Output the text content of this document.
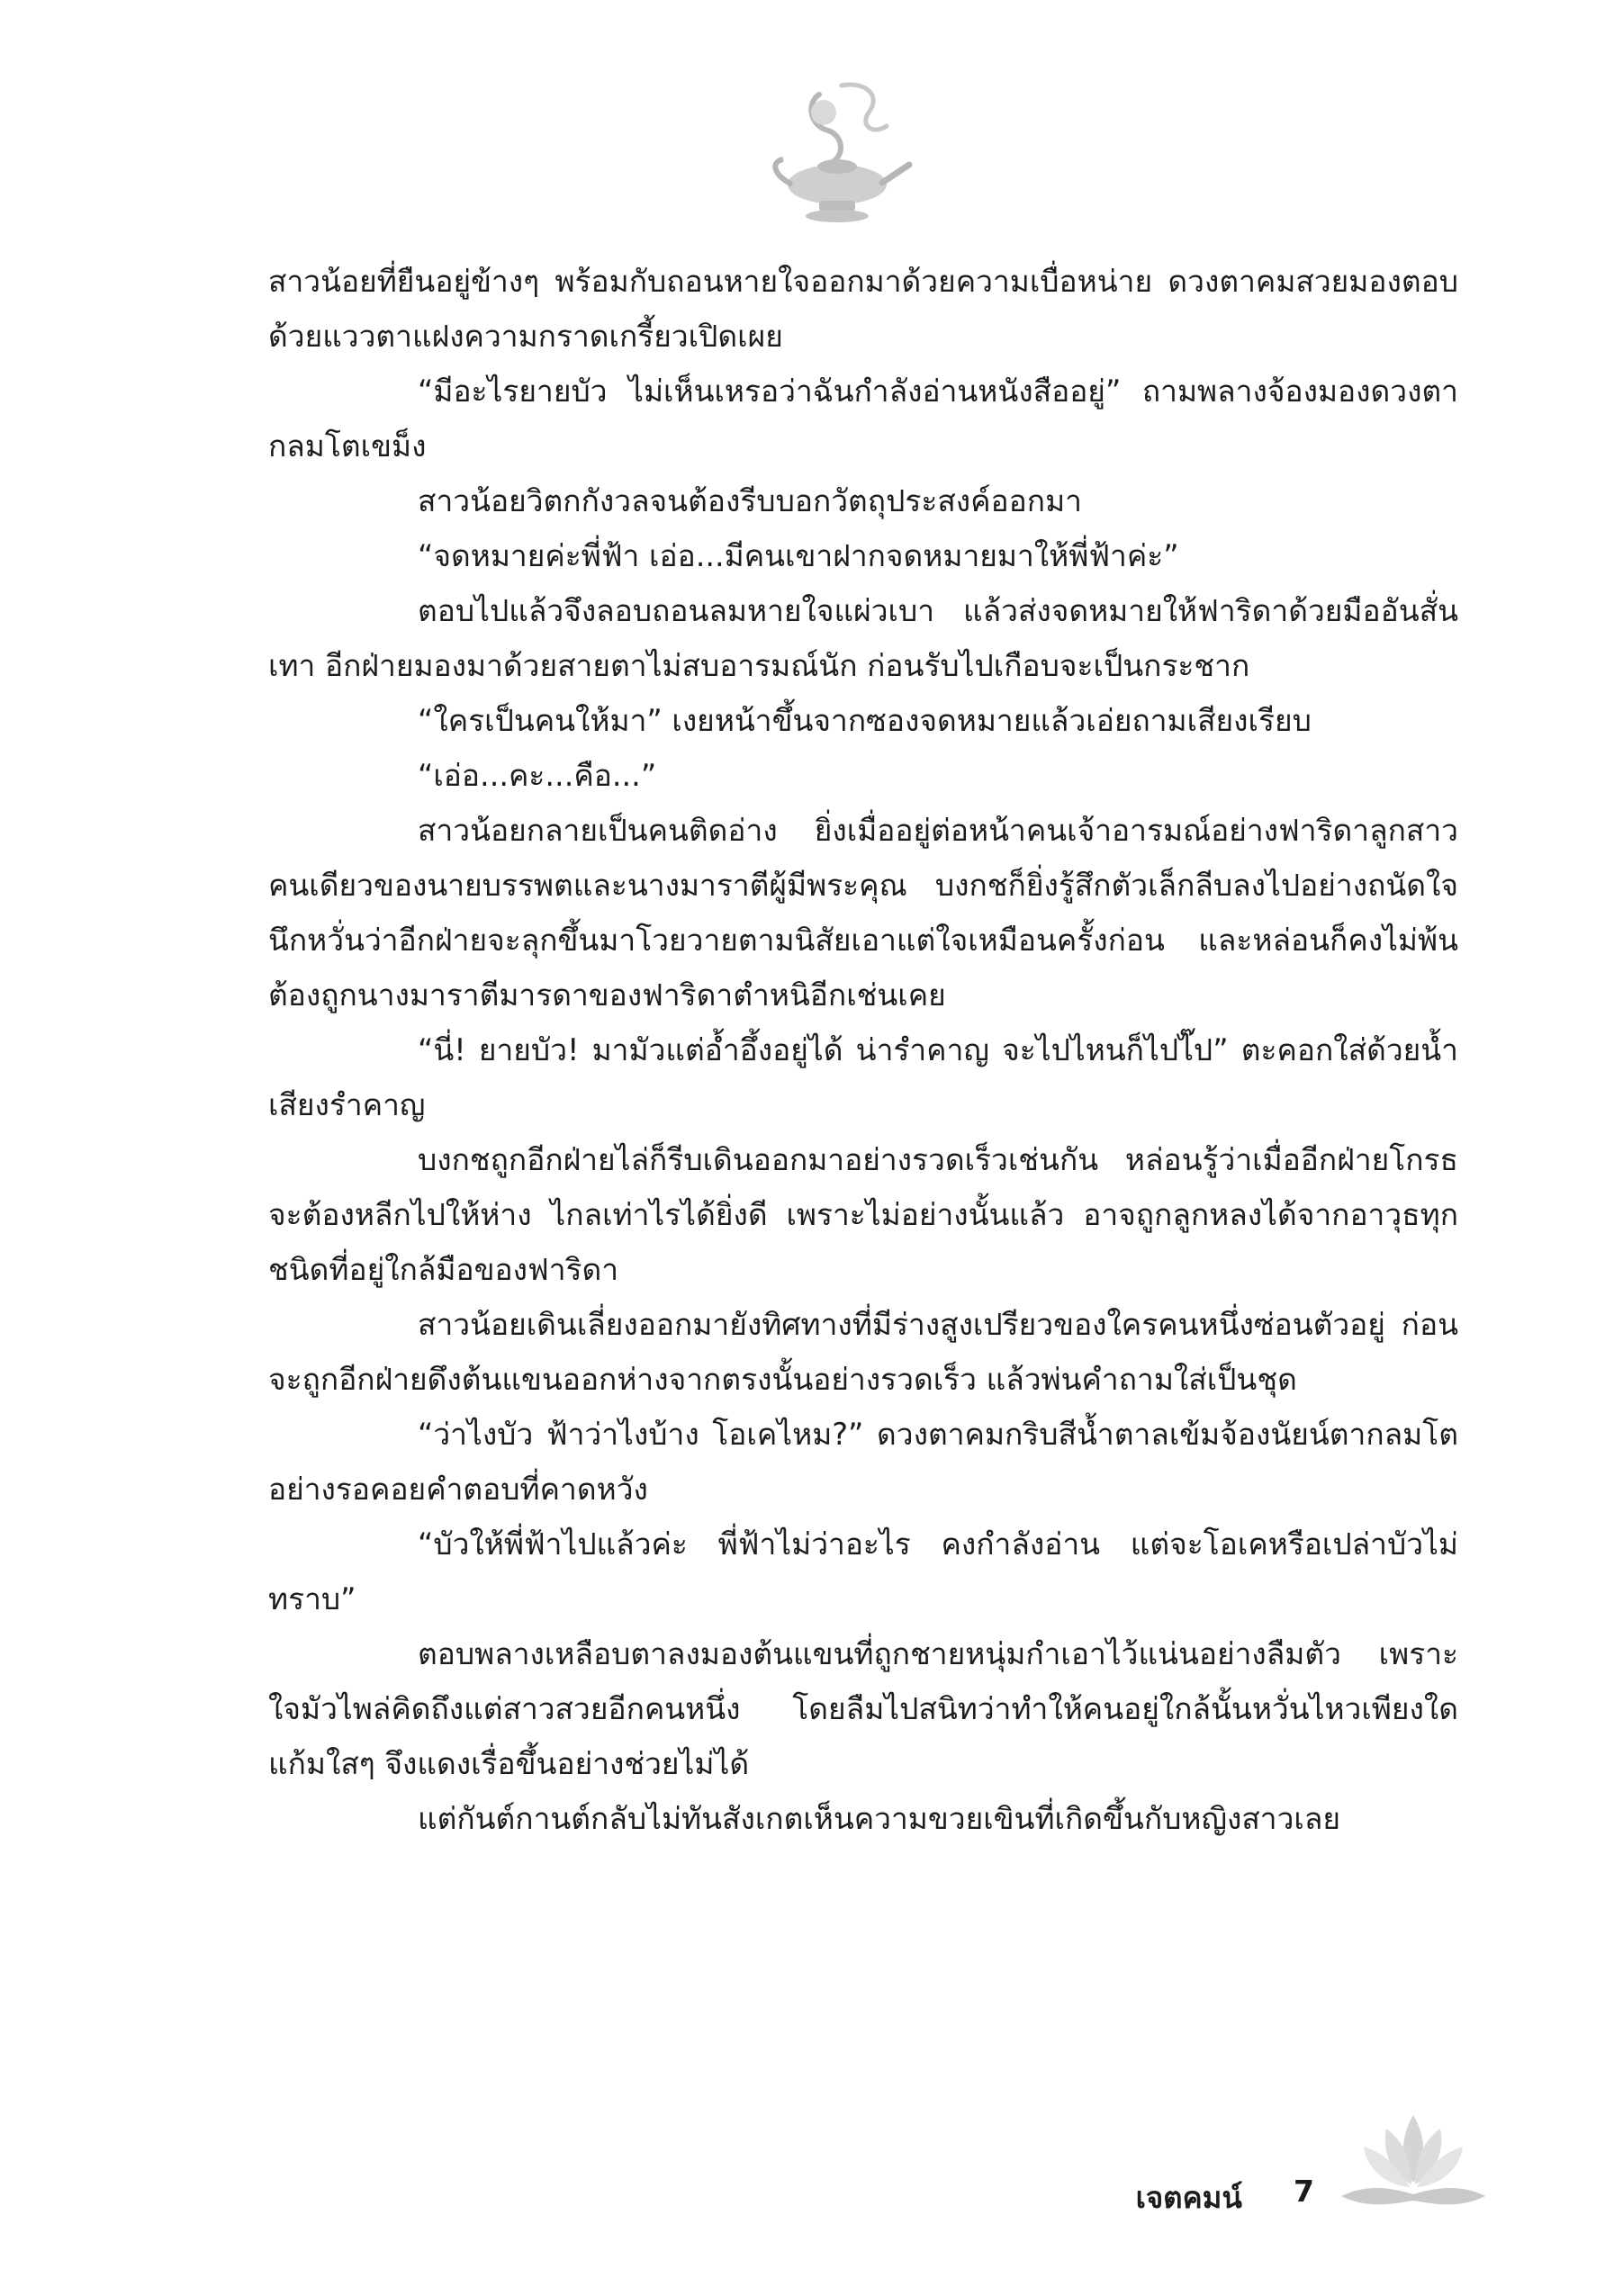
สาวน้อยที่ยืนอยู่ข้างๆ พร้อมกับถอนหายใจออกมาด้วยความเบื่อหน่าย ดวงตาคมสวยมองตอบด้วยแววตาแฝงความกราดเกรี้ยวเปิดเผย

“มีอะไรยายบัว ไม่เห็นเหรอว่าฉันกำลังอ่านหนังสืออยู่” ถามพลางจ้องมองดวงตากลมโตเขม็ง

สาวน้อยวิตกกังวลจนต้องรีบบอกวัตถุประสงค์ออกมา

“จดหมายค่ะพี่ฟ้า เอ่อ...มีคนเขาฝากจดหมายมาให้พี่ฟ้าค่ะ”

ตอบไปแล้วจึงลอบถอนลมหายใจแผ่วเบา แล้วส่งจดหมายให้ฟาริดาด้วยมืออันสั่นเทา อีกฝ่ายมองมาด้วยสายตาไม่สบอารมณ์นัก ก่อนรับไปเกือบจะเป็นกระชาก

“ใครเป็นคนให้มา” เงยหน้าขึ้นจากซองจดหมายแล้วเอ่ยถามเสียงเรียบ

“เอ่อ...คะ...คือ...”

สาวน้อยกลายเป็นคนติดอ่าง ยิ่งเมื่ออยู่ต่อหน้าคนเจ้าอารมณ์อย่างฟาริดาลูกสาวคนเดียวของนายบรรพตและนางมาราตีผู้มีพระคุณ บงกชก็ยิ่งรู้สึกตัวเล็กลีบลงไปอย่างถนัดใจ นึกหวั่นว่าอีกฝ่ายจะลุกขึ้นมาโวยวายตามนิสัยเอาแต่ใจเหมือนครั้งก่อน และหล่อนก็คงไม่พ้นต้องถูกนางมาราตีมารดาของฟาริดาตำหนิอีกเช่นเคย

“นี่! ยายบัว! มามัวแต่อ้ำอึ้งอยู่ได้ น่ารำคาญ จะไปไหนก็ไปไ๊ป” ตะคอกใส่ด้วยน้ำเสียงรำคาญ

บงกชถูกอีกฝ่ายไล่ก็รีบเดินออกมาอย่างรวดเร็วเช่นกัน หล่อนรู้ว่าเมื่ออีกฝ่ายโกรธ จะต้องหลีกไปให้ห่าง ไกลเท่าไรได้ยิ่งดี เพราะไม่อย่างนั้นแล้ว อาจถูกลูกหลงได้จากอาวุธทุกชนิดที่อยู่ใกล้มือของฟาริดา

สาวน้อยเดินเลี่ยงออกมายังทิศทางที่มีร่างสูงเปรียวของใครคนหนึ่งซ่อนตัวอยู่ ก่อนจะถูกอีกฝ่ายดึงต้นแขนออกห่างจากตรงนั้นอย่างรวดเร็ว แล้วพ่นคำถามใส่เป็นชุด

“ว่าไงบัว ฟ้าว่าไงบ้าง โอเคไหม?” ดวงตาคมกริบสีน้ำตาลเข้มจ้องนัยน์ตากลมโตอย่างรอคอยคำตอบที่คาดหวัง

“บัวให้พี่ฟ้าไปแล้วค่ะ พี่ฟ้าไม่ว่าอะไร คงกำลังอ่าน แต่จะโอเคหรือเปล่าบัวไม่ทราบ”

ตอบพลางเหลือบตาลงมองต้นแขนที่ถูกชายหนุ่มกำเอาไว้แน่นอย่างลืมตัว เพราะใจมัวไพล่คิดถึงแต่สาวสวยอีกคนหนึ่ง โดยลืมไปสนิทว่าทำให้คนอยู่ใกล้นั้นหวั่นไหวเพียงใด แก้มใสๆ จึงแดงเรื่อขึ้นอย่างช่วยไม่ได้

แต่กันต์กานต์กลับไม่ทันสังเกตเห็นความขวยเขินที่เกิดขึ้นกับหญิงสาวเลย

เจตคมน์ 7
